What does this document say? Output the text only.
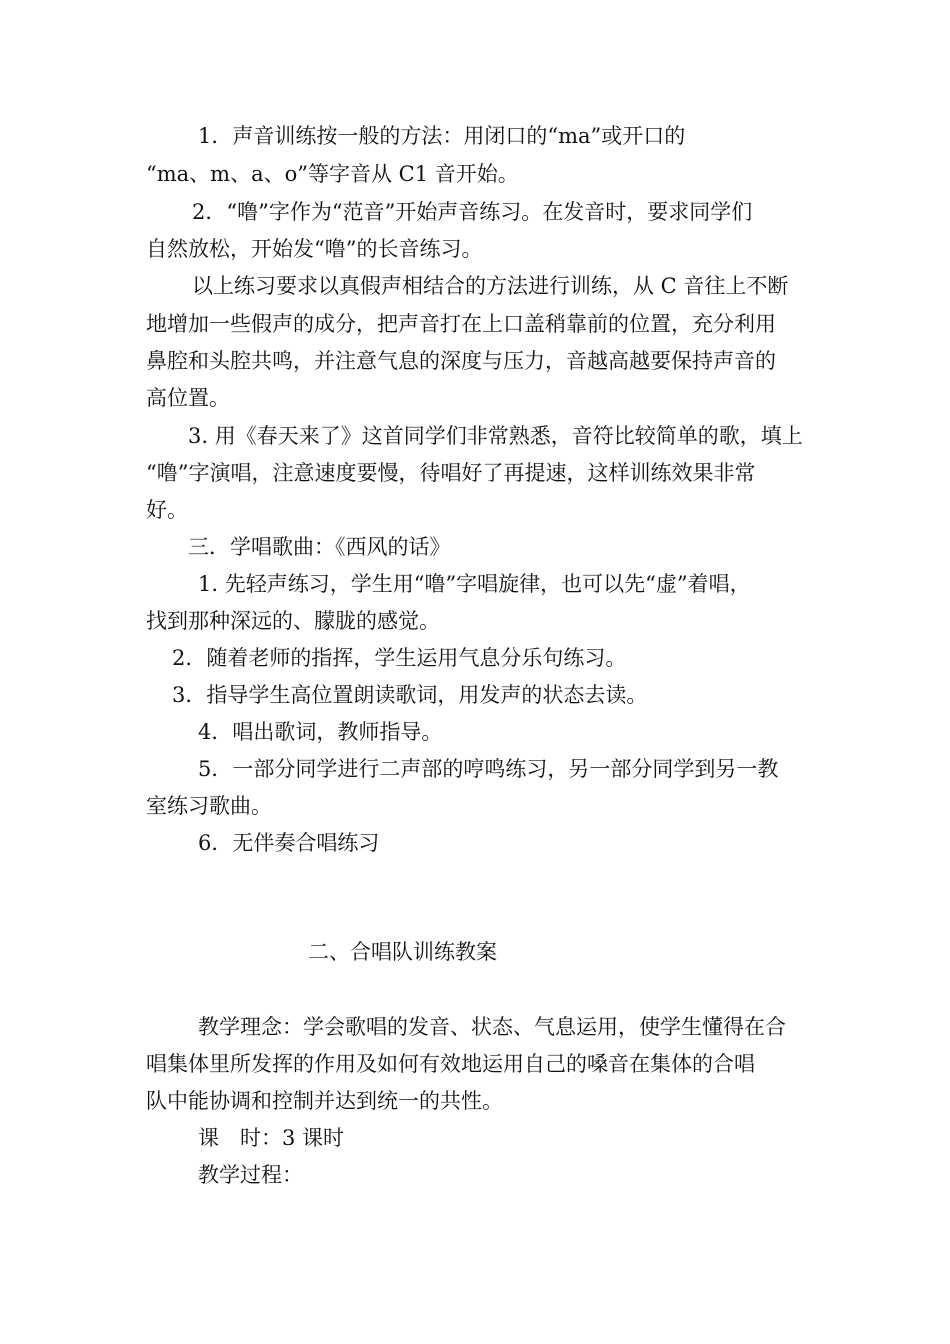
1．声音训练按一般的方法：用闭口的“ma”或开口的
“ma、m、a、o”等字音从 C1 音开始。
2．“噜”字作为“范音”开始声音练习。在发音时，要求同学们
自然放松，开始发“噜”的长音练习。
以上练习要求以真假声相结合的方法进行训练，从 C 音往上不断
地增加一些假声的成分，把声音打在上口盖稍靠前的位置，充分利用
鼻腔和头腔共鸣，并注意气息的深度与压力，音越高越要保持声音的
高位置。
3. 用《春天来了》这首同学们非常熟悉，音符比较简单的歌，填上
“噜”字演唱，注意速度要慢，待唱好了再提速，这样训练效果非常
好。
三．学唱歌曲：《西风的话》
1. 先轻声练习，学生用“噜”字唱旋律，也可以先“虚”着唱，
找到那种深远的、朦胧的感觉。
2．随着老师的指挥，学生运用气息分乐句练习。
3．指导学生高位置朗读歌词，用发声的状态去读。
4．唱出歌词，教师指导。
5．一部分同学进行二声部的哼鸣练习，另一部分同学到另一教
室练习歌曲。
6．无伴奏合唱练习
二、合唱队训练教案
教学理念：学会歌唱的发音、状态、气息运用，使学生懂得在合
唱集体里所发挥的作用及如何有效地运用自己的嗓音在集体的合唱
队中能协调和控制并达到统一的共性。
课　时：3 课时
教学过程：
